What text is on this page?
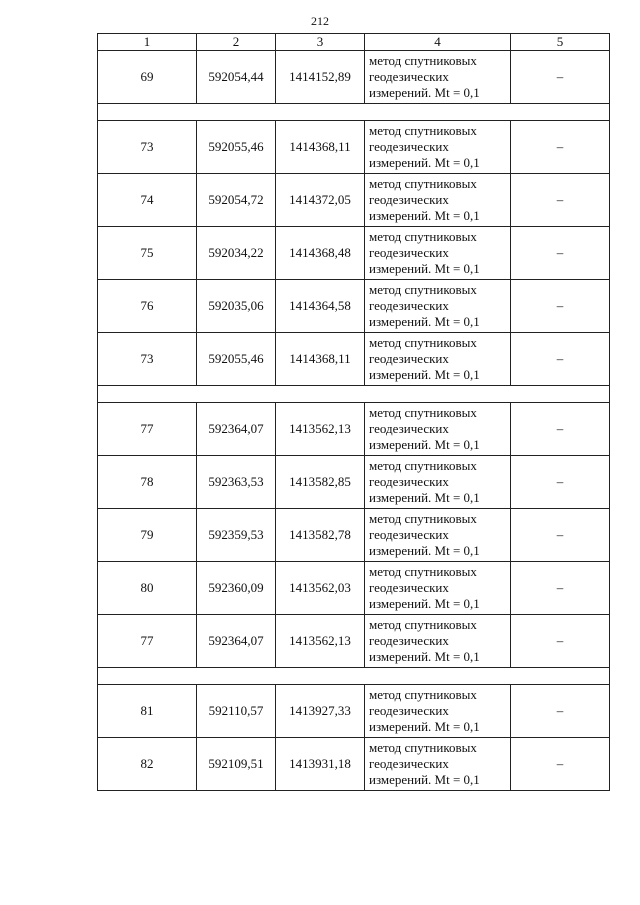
212
1	2	3	4	5
69	592054,44	1414152,89	метод спутниковых
геодезических
измерений. Mt = 0,1	–

73	592055,46	1414368,11	метод спутниковых
геодезических
измерений. Mt = 0,1	–
74	592054,72	1414372,05	метод спутниковых
геодезических
измерений. Mt = 0,1	–
75	592034,22	1414368,48	метод спутниковых
геодезических
измерений. Mt = 0,1	–
76	592035,06	1414364,58	метод спутниковых
геодезических
измерений. Mt = 0,1	–
73	592055,46	1414368,11	метод спутниковых
геодезических
измерений. Mt = 0,1	–

77	592364,07	1413562,13	метод спутниковых
геодезических
измерений. Mt = 0,1	–
78	592363,53	1413582,85	метод спутниковых
геодезических
измерений. Mt = 0,1	–
79	592359,53	1413582,78	метод спутниковых
геодезических
измерений. Mt = 0,1	–
80	592360,09	1413562,03	метод спутниковых
геодезических
измерений. Mt = 0,1	–
77	592364,07	1413562,13	метод спутниковых
геодезических
измерений. Mt = 0,1	–

81	592110,57	1413927,33	метод спутниковых
геодезических
измерений. Mt = 0,1	–
82	592109,51	1413931,18	метод спутниковых
геодезических
измерений. Mt = 0,1	–
